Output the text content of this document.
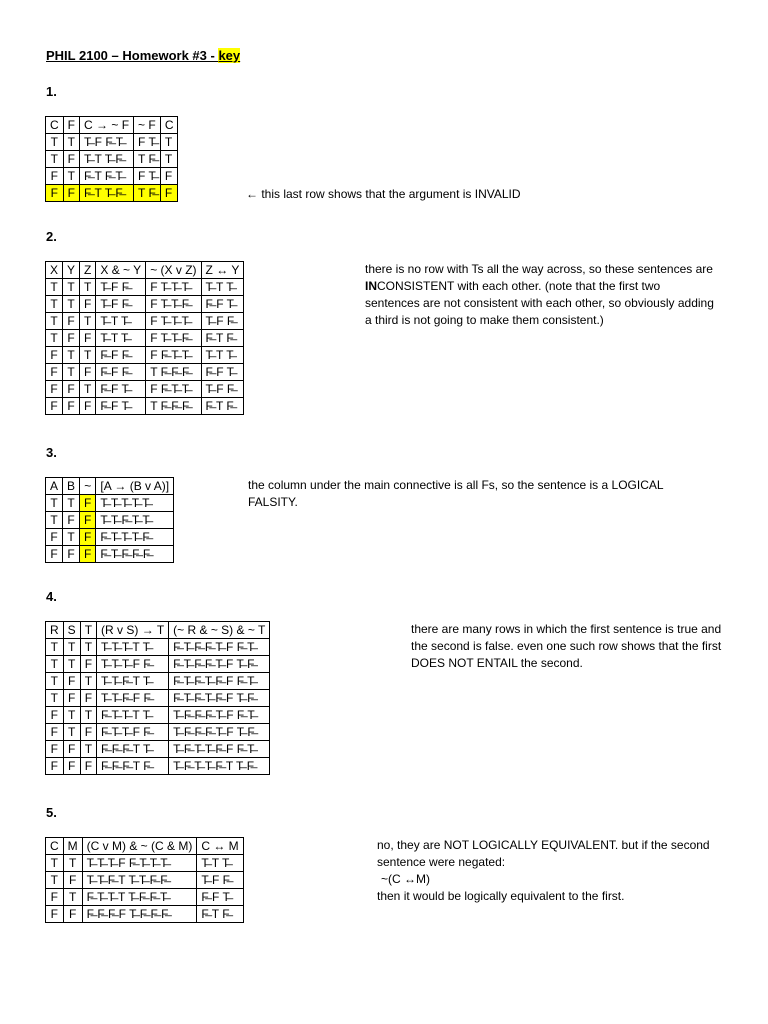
PHIL 2100 – Homework #3 - key
1.
C	F	C → ~ F	~ F	C
T	T	T̶ F F̶ T̶	F T̶	T
T	F	T̶ T T̶ F̶	T F̶	T
F	T	F̶ T F̶ T̶	F T̶	F
F	F	F̶ T T̶ F̶	T F̶	F	← this last row shows that the argument is INVALID
2.
X	Y	Z	X & ~ Y	~ (X v Z)	Z ↔ Y
T	T	T	T̶ F F̶	F T̶ T̶ T̶	T̶ T T̶
T	T	F	T̶ F F̶	F T̶ T̶ F̶	F̶ F T̶
T	F	T	T̶ T T̶	F T̶ T̶ T̶	T̶ F F̶
T	F	F	T̶ T T̶	F T̶ T̶ F̶	F̶ T F̶
F	T	T	F̶ F F̶	F F̶ T̶ T̶	T̶ T T̶
F	T	F	F̶ F F̶	T F̶ F̶ F̶	F̶ F T̶
F	F	T	F̶ F T̶	F F̶ T̶ T̶	T̶ F F̶
F	F	F	F̶ F T̶	T F̶ F̶ F̶	F̶ T F̶
there is no row with Ts all the way across, so these sentences are INCONSISTENT with each other. (note that the first two sentences are not consistent with each other, so obviously adding a third is not going to make them consistent.)
3.
A	B	~	[A → (B v A)]
T	T	F	T̶ T̶ T̶ T̶ T̶
T	F	F	T̶ T̶ F̶ T̶ T̶
F	T	F	F̶ T̶ T̶ T̶ F̶
F	F	F	F̶ T̶ F̶ F̶ F̶
the column under the main connective is all Fs, so the sentence is a LOGICAL FALSITY.
4.
R	S	T	(R v S) → T	(~ R & ~ S) & ~ T
T	T	T	T̶ T̶ T̶ T T̶	F̶ T̶ F̶ F̶ T̶ F F̶ T̶
T	T	F	T̶ T̶ T̶ F F̶	F̶ T̶ F̶ F̶ T̶ F T̶ F̶
T	F	T	T̶ T̶ F̶ T T̶	F̶ T̶ F̶ T̶ F̶ F F̶ T̶
T	F	F	T̶ T̶ F̶ F F̶	F̶ T̶ F̶ T̶ F̶ F T̶ F̶
F	T	T	F̶ T̶ T̶ T T̶	T̶ F̶ F̶ F̶ T̶ F F̶ T̶
F	T	F	F̶ T̶ T̶ F F̶	T̶ F̶ F̶ F̶ T̶ F T̶ F̶
F	F	T	F̶ F̶ F̶ T T̶	T̶ F̶ T̶ T̶ F̶ F F̶ T̶
F	F	F	F̶ F̶ F̶ T F̶	T̶ F̶ T̶ T̶ F̶ T T̶ F̶
there are many rows in which the first sentence is true and the second is false. even one such row shows that the first DOES NOT ENTAIL the second.
5.
C	M	(C v M) & ~ (C & M)	C ↔ M
T	T	T̶ T̶ T̶ F F̶ T̶ T̶ T̶	T̶ T T̶
T	F	T̶ T̶ F̶ T T̶ T̶ F̶ F̶	T̶ F F̶
F	T	F̶ T̶ T̶ T T̶ F̶ F̶ T̶	F̶ F T̶
F	F	F̶ F̶ F̶ F T̶ F̶ F̶ F̶	F̶ T F̶
no, they are NOT LOGICALLY EQUIVALENT. but if the second sentence were negated:
~(C ↔M)
then it would be logically equivalent to the first.
